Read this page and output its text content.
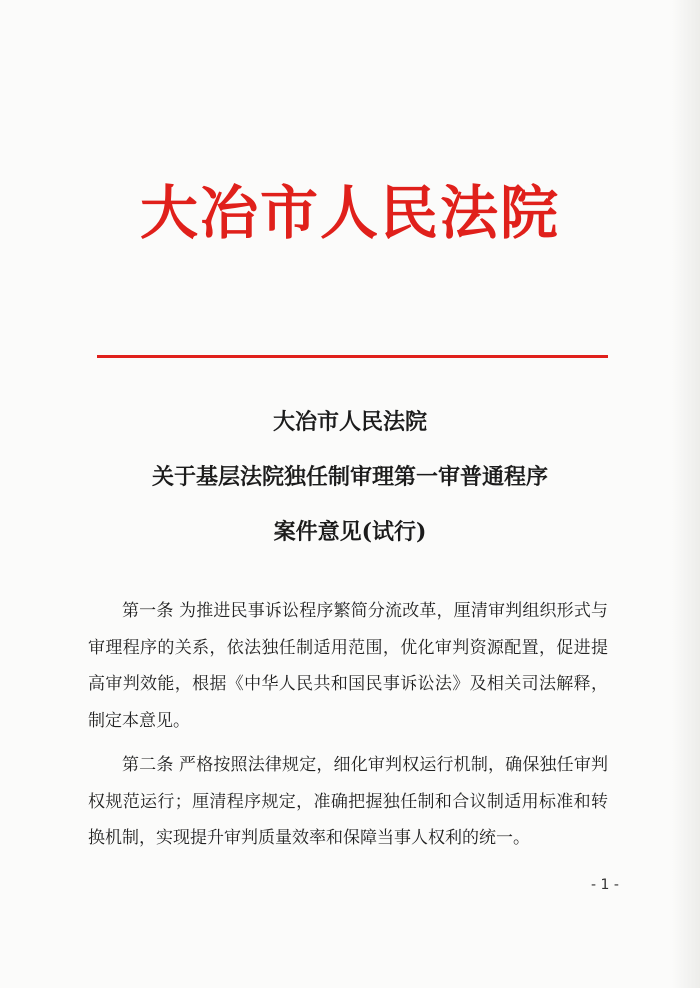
大冶市人民法院
大冶市人民法院
关于基层法院独任制审理第一审普通程序
案件意见(试行)
第一条 为推进民事诉讼程序繁简分流改革，厘清审判组织形式与审理程序的关系，依法独任制适用范围，优化审判资源配置，促进提高审判效能，根据《中华人民共和国民事诉讼法》及相关司法解释，制定本意见。
第二条 严格按照法律规定，细化审判权运行机制，确保独任审判权规范运行；厘清程序规定，准确把握独任制和合议制适用标准和转换机制，实现提升审判质量效率和保障当事人权利的统一。
- 1 -
